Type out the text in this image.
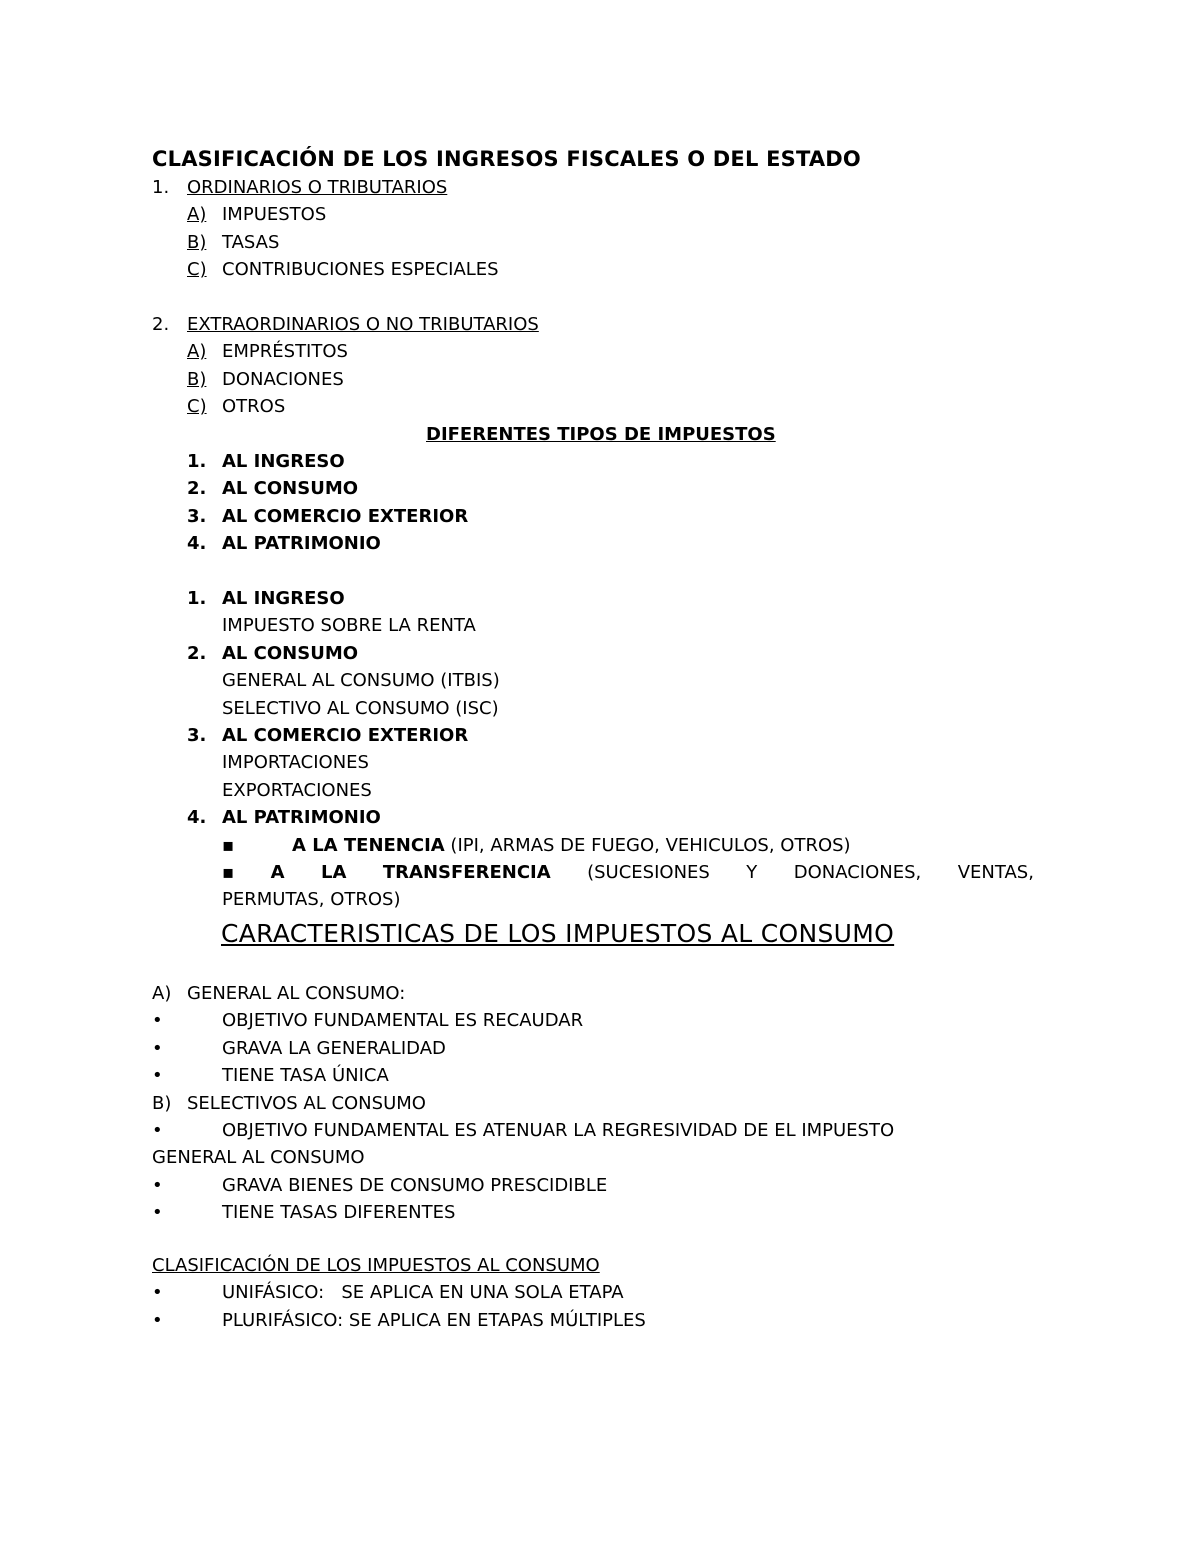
CLASIFICACIÓN DE LOS INGRESOS FISCALES O DEL ESTADO
1. ORDINARIOS O TRIBUTARIOS
A) IMPUESTOS
B) TASAS
C) CONTRIBUCIONES ESPECIALES
2. EXTRAORDINARIOS O NO TRIBUTARIOS
A) EMPRÉSTITOS
B) DONACIONES
C) OTROS
DIFERENTES TIPOS DE IMPUESTOS
1. AL INGRESO
2. AL CONSUMO
3. AL COMERCIO EXTERIOR
4. AL PATRIMONIO
1. AL INGRESO
IMPUESTO SOBRE LA RENTA
2. AL CONSUMO
GENERAL AL CONSUMO (ITBIS)
SELECTIVO AL CONSUMO (ISC)
3. AL COMERCIO EXTERIOR
IMPORTACIONES
EXPORTACIONES
4. AL PATRIMONIO
▪	A LA TENENCIA (IPI, ARMAS DE FUEGO, VEHICULOS, OTROS)
▪ A LA TRANSFERENCIA (SUCESIONES Y DONACIONES, VENTAS,
PERMUTAS, OTROS)
CARACTERISTICAS DE LOS IMPUESTOS AL CONSUMO
A) GENERAL AL CONSUMO:
•	OBJETIVO FUNDAMENTAL ES RECAUDAR
•	GRAVA LA GENERALIDAD
•	TIENE TASA ÚNICA
B) SELECTIVOS AL CONSUMO
•	OBJETIVO FUNDAMENTAL ES ATENUAR LA REGRESIVIDAD DE EL IMPUESTO
GENERAL AL CONSUMO
•	GRAVA BIENES DE CONSUMO PRESCIDIBLE
•	TIENE TASAS DIFERENTES
CLASIFICACIÓN DE LOS IMPUESTOS AL CONSUMO
•	UNIFÁSICO:   SE APLICA EN UNA SOLA ETAPA
•	PLURIFÁSICO: SE APLICA EN ETAPAS MÚLTIPLES
